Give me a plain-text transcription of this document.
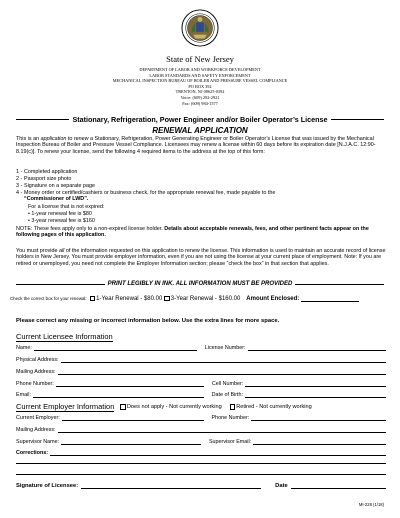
State of New Jersey
DEPARTMENT OF LABOR AND WORKFORCE DEVELOPMENT
LABOR STANDARDS AND SAFETY ENFORCEMENT
MECHANICAL INSPECTION BUREAU OF BOILER AND PRESSURE VESSEL COMPLIANCE
PO BOX 392
TRENTON, NJ 08625-0392
Voice: (609) 292-2921
Fax: (609) 984-1577
Stationary, Refrigeration, Power Engineer and/or Boiler Operator’s License
RENEWAL APPLICATION
This is an application to renew a Stationary, Refrigeration, Power Generating Engineer or Boiler Operator’s License that was issued by the Mechanical Inspection Bureau of Boiler and Pressure Vessel Compliance. Licensees may renew a license within 60 days before its expiration date [N.J.A.C. 12:90-8.19(c)]. To renew your license, send the following 4 required items to the address at the top of this form:
1 - Completed application
2 - Passport size photo
3 - Signature on a separate page
4 - Money order or certified/cashiers or business check, for the appropriate renewal fee, made payable to the
“Commissioner of LWD”.
For a license that is not expired:
• 1-year renewal fee is $80
• 3-year renewal fee is $160
NOTE: These fees apply only to a non-expired license holder. Details about acceptable renewals, fees, and other pertinent facts appear on the following pages of this application.
You must provide all of the information requested on this application to renew the license. This information is used to maintain an accurate record of license holders in New Jersey. You must provide employer information, even if you are not using the license at your current place of employment. Note: If you are retired or unemployed, you need not complete the Employer Information section; please “check the box” in that section that applies.
PRINT LEGIBLY IN INK. ALL INFORMATION MUST BE PROVIDED
Check the correct box for your renewal: 1-Year Renewal - $80.00 3-Year Renewal - $160.00 Amount Enclosed:
Please correct any missing or incorrect information below. Use the extra lines for more space.
Current Licensee Information
Name:	License Number:
Physical Address:
Mailing Address:
Phone Number:	Cell Number:
Email:	Date of Birth:
Current Employer Information Does not apply - Not currently working	Retired - Not currently working
Current Employer:	Phone Number:
Mailing Address:
Supervisor Name:	Supervisor Email:
Corrections:
Signature of Licensee:	Date
MI-228 (1/18)
